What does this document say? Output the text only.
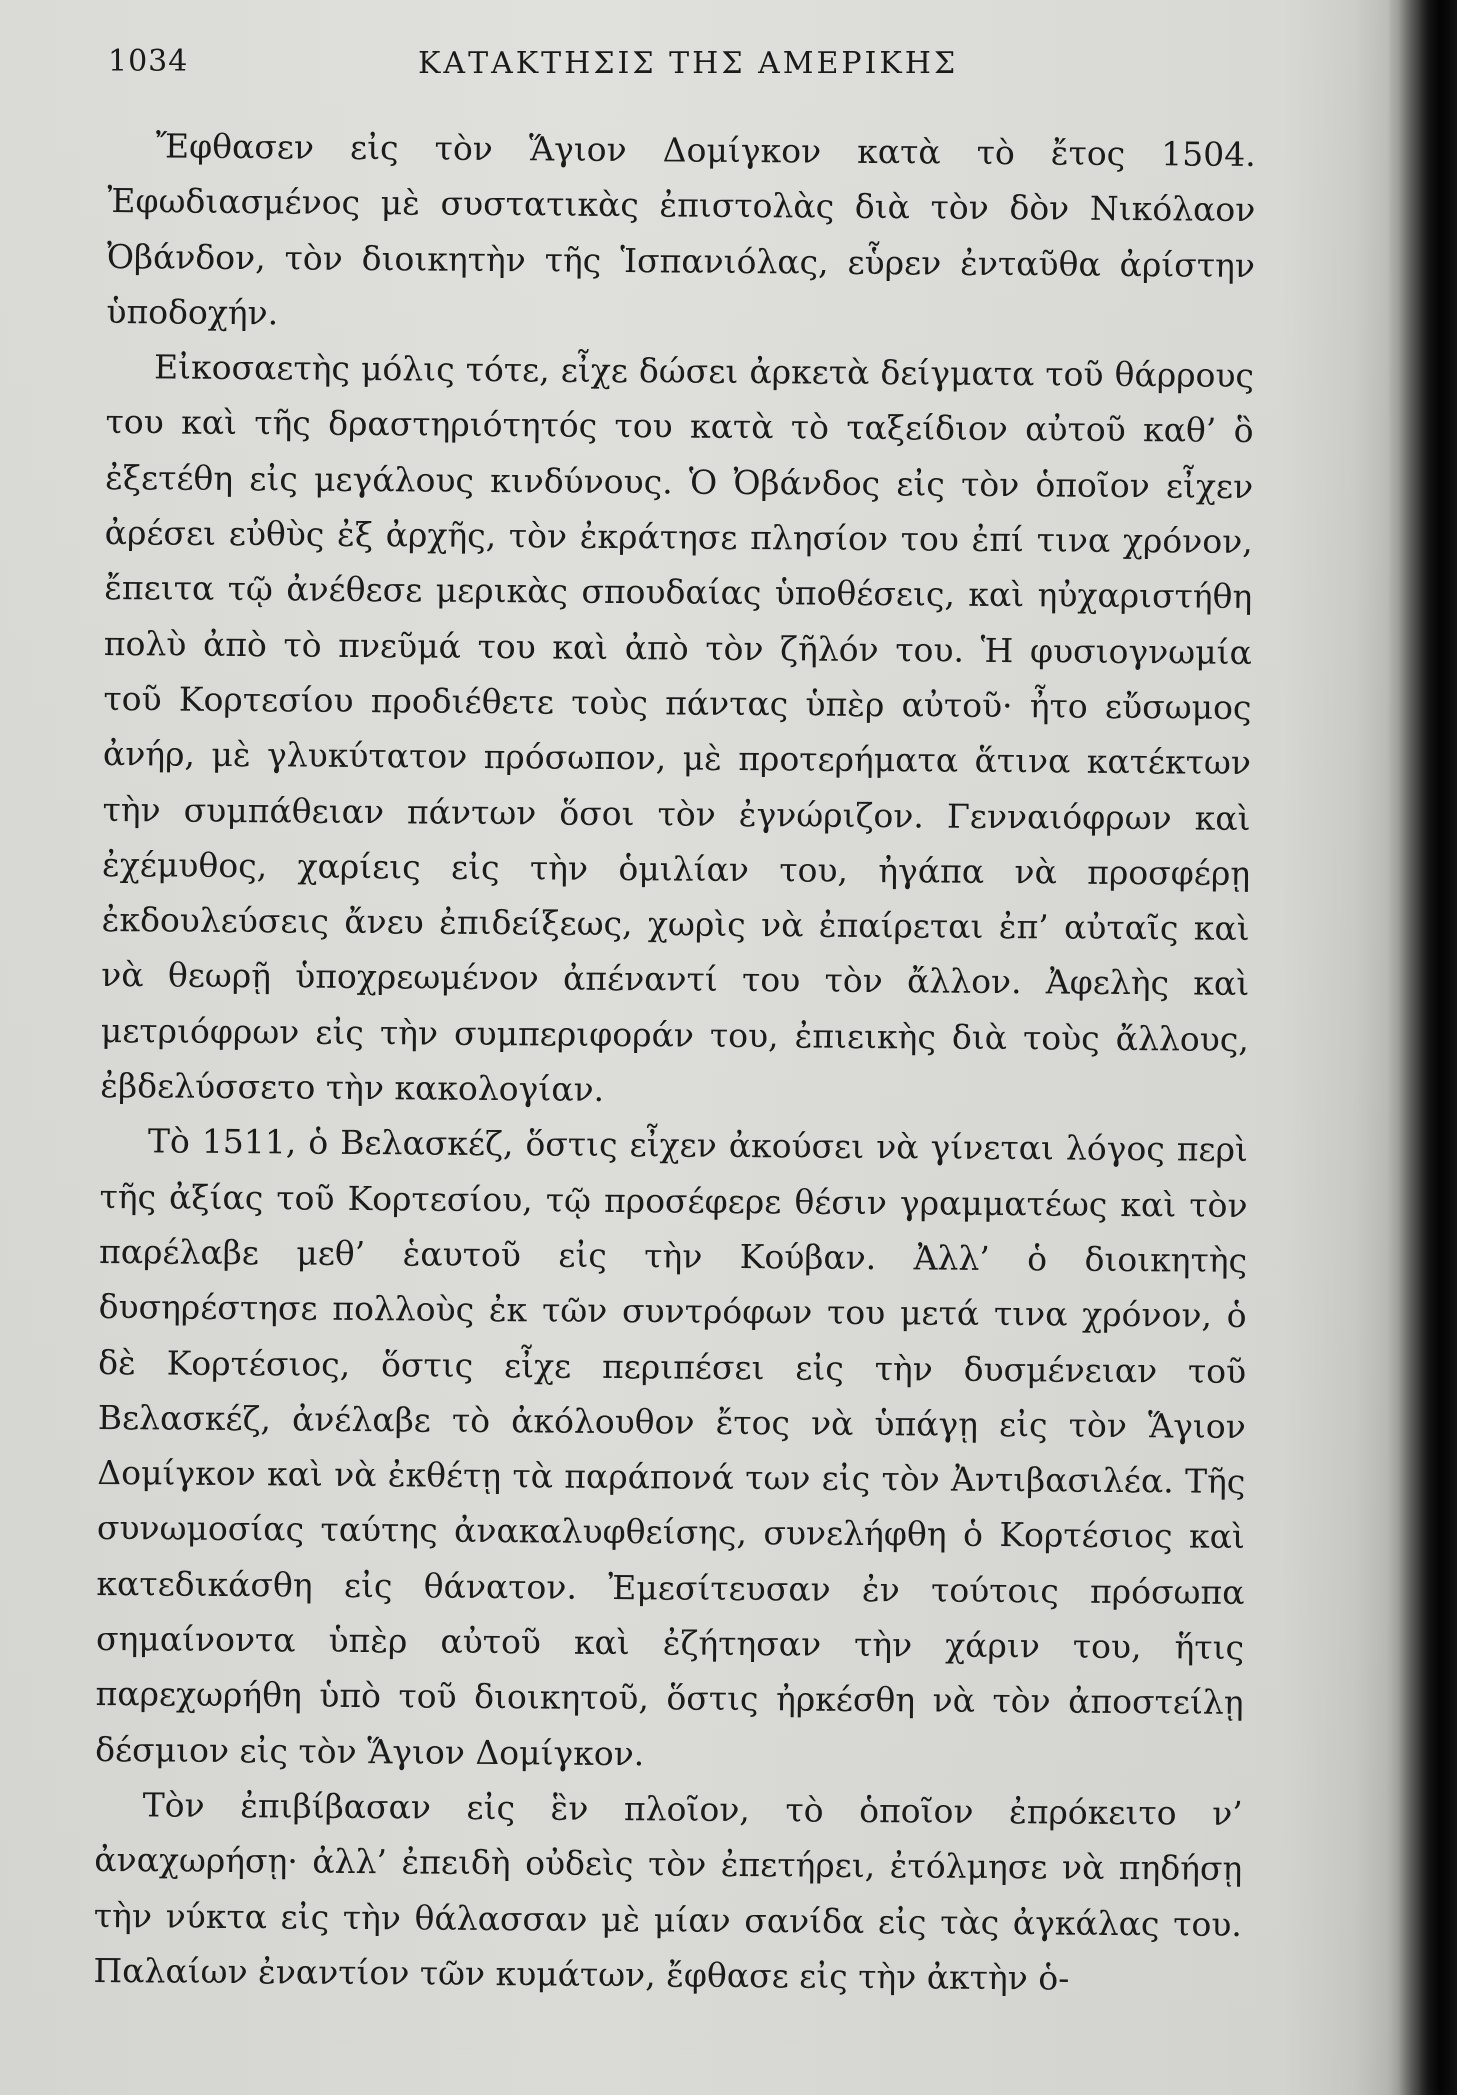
1034	ΚΑΤΑΚΤΗΣΙΣ ΤΗΣ ΑΜΕΡΙΚΗΣ

Ἔφθασεν εἰς τὸν Ἅγιον Δομίγκον κατὰ τὸ ἔτος 1504. Ἐφωδιασμένος μὲ συστατικὰς ἐπιστολὰς διὰ τὸν δὸν Νικόλαον Ὀβάνδον, τὸν διοικητὴν τῆς Ἱσπανιόλας, εὗρεν ἐνταῦθα ἀρίστην ὑποδοχήν.

Εἰκοσαετὴς μόλις τότε, εἶχε δώσει ἀρκετὰ δείγματα τοῦ θάρρους του καὶ τῆς δραστηριότητός του κατὰ τὸ ταξείδιον αὐτοῦ καθ’ ὃ ἐξετέθη εἰς μεγάλους κινδύνους. Ὁ Ὀβάνδος εἰς τὸν ὁποῖον εἶχεν ἀρέσει εὐθὺς ἐξ ἀρχῆς, τὸν ἐκράτησε πλησίον του ἐπί τινα χρόνον, ἔπειτα τῷ ἀνέθεσε μερικὰς σπουδαίας ὑποθέσεις, καὶ ηὐχαριστήθη πολὺ ἀπὸ τὸ πνεῦμά του καὶ ἀπὸ τὸν ζῆλόν του. Ἡ φυσιογνωμία τοῦ Κορτεσίου προδιέθετε τοὺς πάντας ὑπὲρ αὐτοῦ· ἦτο εὔσωμος ἀνήρ, μὲ γλυκύτατον πρόσωπον, μὲ προτερήματα ἅτινα κατέκτων τὴν συμπάθειαν πάντων ὅσοι τὸν ἐγνώριζον. Γενναιόφρων καὶ ἐχέμυθος, χαρίεις εἰς τὴν ὁμιλίαν του, ἠγάπα νὰ προσφέρῃ ἐκδουλεύσεις ἄνευ ἐπιδείξεως, χωρὶς νὰ ἐπαίρεται ἐπ’ αὐταῖς καὶ νὰ θεωρῇ ὑποχρεωμένον ἀπέναντί του τὸν ἄλλον. Ἀφελὴς καὶ μετριόφρων εἰς τὴν συμπεριφοράν του, ἐπιεικὴς διὰ τοὺς ἄλλους, ἐβδελύσσετο τὴν κακολογίαν.

Τὸ 1511, ὁ Βελασκέζ, ὅστις εἶχεν ἀκούσει νὰ γίνεται λόγος περὶ τῆς ἀξίας τοῦ Κορτεσίου, τῷ προσέφερε θέσιν γραμματέως καὶ τὸν παρέλαβε μεθ’ ἑαυτοῦ εἰς τὴν Κούβαν. Ἀλλ’ ὁ διοικητὴς δυσηρέστησε πολλοὺς ἐκ τῶν συντρόφων του μετά τινα χρόνον, ὁ δὲ Κορτέσιος, ὅστις εἶχε περιπέσει εἰς τὴν δυσμένειαν τοῦ Βελασκέζ, ἀνέλαβε τὸ ἀκόλουθον ἔτος νὰ ὑπάγῃ εἰς τὸν Ἅγιον Δομίγκον καὶ νὰ ἐκθέτῃ τὰ παράπονά των εἰς τὸν Ἀντιβασιλέα. Τῆς συνωμοσίας ταύτης ἀνακαλυφθείσης, συνελήφθη ὁ Κορτέσιος καὶ κατεδικάσθη εἰς θάνατον. Ἐμεσίτευσαν ἐν τούτοις πρόσωπα σημαίνοντα ὑπὲρ αὐτοῦ καὶ ἐζήτησαν τὴν χάριν του, ἥτις παρεχωρήθη ὑπὸ τοῦ διοικητοῦ, ὅστις ἠρκέσθη νὰ τὸν ἀποστείλῃ δέσμιον εἰς τὸν Ἅγιον Δομίγκον.

Τὸν ἐπιβίβασαν εἰς ἓν πλοῖον, τὸ ὁποῖον ἐπρόκειτο ν’ ἀναχωρήσῃ· ἀλλ’ ἐπειδὴ οὐδεὶς τὸν ἐπετήρει, ἐτόλμησε νὰ πηδήσῃ τὴν νύκτα εἰς τὴν θάλασσαν μὲ μίαν σανίδα εἰς τὰς ἀγκάλας του. Παλαίων ἐναντίον τῶν κυμάτων, ἔφθασε εἰς τὴν ἀκτὴν ὁ-
